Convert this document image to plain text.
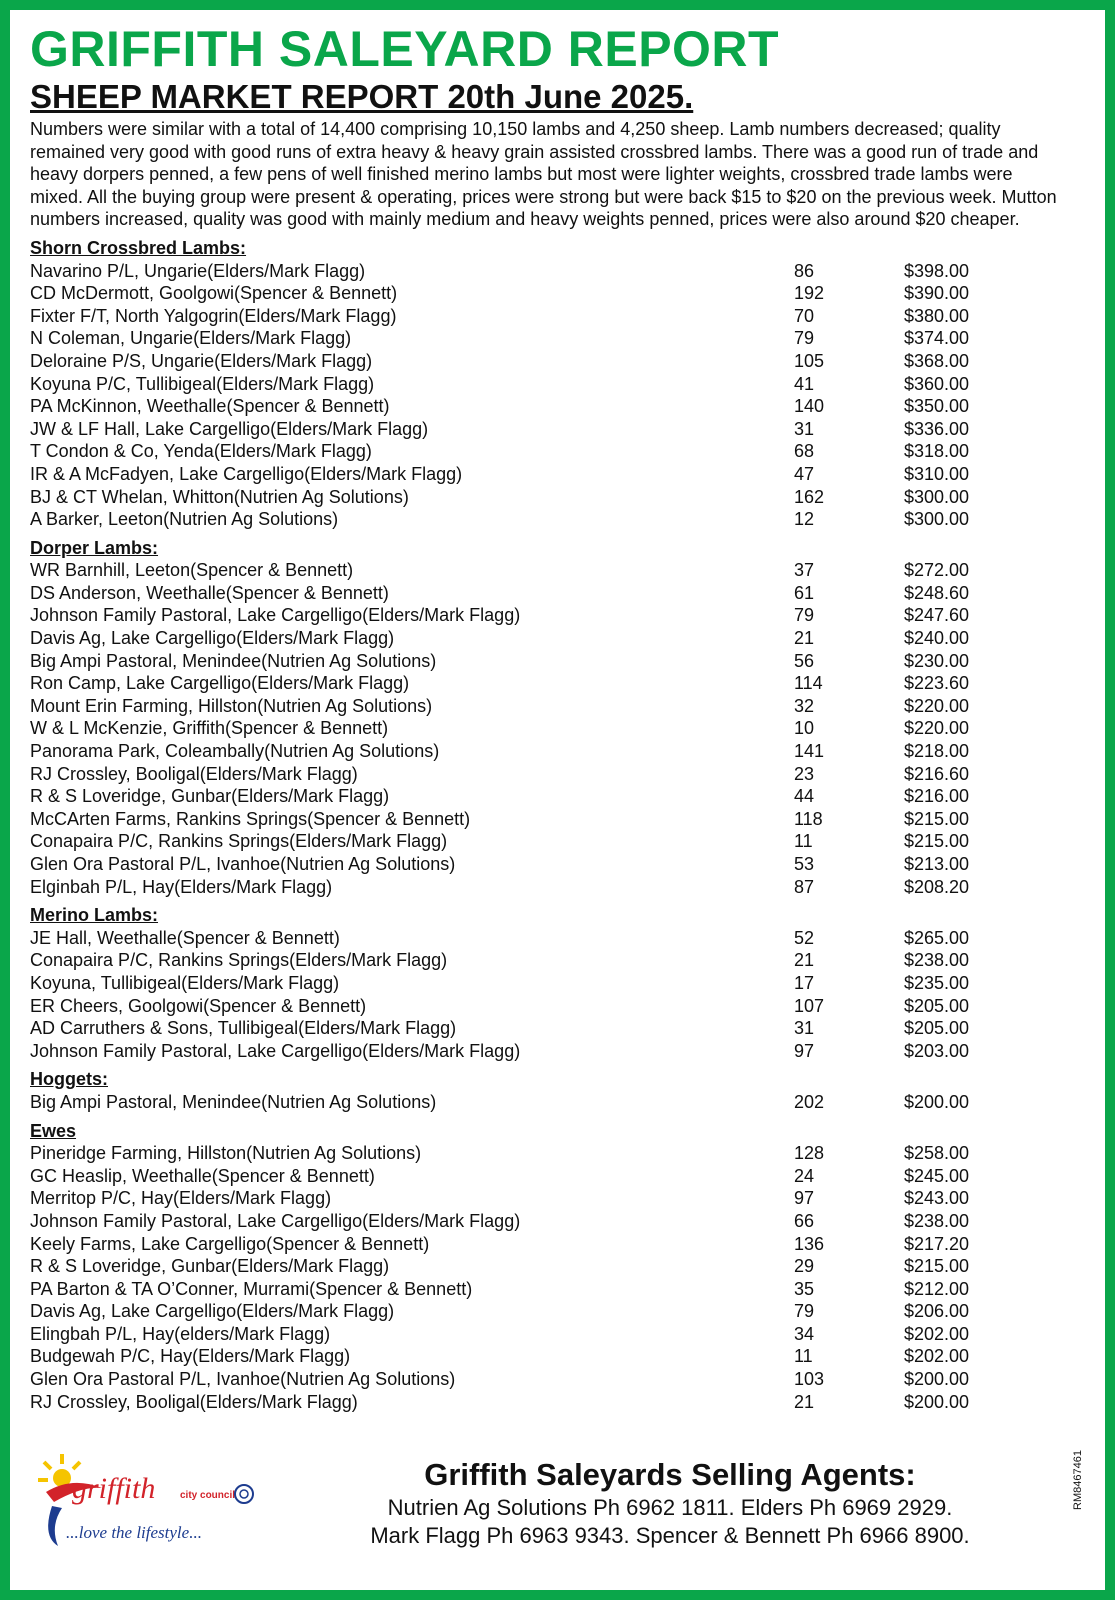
GRIFFITH SALEYARD REPORT
SHEEP MARKET REPORT 20th June 2025.

Numbers were similar with a total of 14,400 comprising 10,150 lambs and 4,250 sheep. Lamb numbers decreased; quality remained very good with good runs of extra heavy & heavy grain assisted crossbred lambs. There was a good run of trade and heavy dorpers penned, a few pens of well finished merino lambs but most were lighter weights, crossbred trade lambs were mixed. All the buying group were present & operating, prices were strong but were back $15 to $20 on the previous week. Mutton numbers increased, quality was good with mainly medium and heavy weights penned, prices were also around $20 cheaper.

Shorn Crossbred Lambs:
Navarino P/L, Ungarie(Elders/Mark Flagg)	86	$398.00
CD McDermott, Goolgowi(Spencer & Bennett)	192	$390.00
Fixter F/T, North Yalgogrin(Elders/Mark Flagg)	70	$380.00
N Coleman, Ungarie(Elders/Mark Flagg)	79	$374.00
Deloraine P/S, Ungarie(Elders/Mark Flagg)	105	$368.00
Koyuna P/C, Tullibigeal(Elders/Mark Flagg)	41	$360.00
PA McKinnon, Weethalle(Spencer & Bennett)	140	$350.00
JW & LF Hall, Lake Cargelligo(Elders/Mark Flagg)	31	$336.00
T Condon & Co, Yenda(Elders/Mark Flagg)	68	$318.00
IR & A McFadyen, Lake Cargelligo(Elders/Mark Flagg)	47	$310.00
BJ & CT Whelan, Whitton(Nutrien Ag Solutions)	162	$300.00
A Barker, Leeton(Nutrien Ag Solutions)	12	$300.00
Dorper Lambs:
WR Barnhill, Leeton(Spencer & Bennett)	37	$272.00
DS Anderson, Weethalle(Spencer & Bennett)	61	$248.60
Johnson Family Pastoral, Lake Cargelligo(Elders/Mark Flagg)	79	$247.60
Davis Ag, Lake Cargelligo(Elders/Mark Flagg)	21	$240.00
Big Ampi Pastoral, Menindee(Nutrien Ag Solutions)	56	$230.00
Ron Camp, Lake Cargelligo(Elders/Mark Flagg)	114	$223.60
Mount Erin Farming, Hillston(Nutrien Ag Solutions)	32	$220.00
W & L McKenzie, Griffith(Spencer & Bennett)	10	$220.00
Panorama Park, Coleambally(Nutrien Ag Solutions)	141	$218.00
RJ Crossley, Booligal(Elders/Mark Flagg)	23	$216.60
R & S Loveridge, Gunbar(Elders/Mark Flagg)	44	$216.00
McCArten Farms, Rankins Springs(Spencer & Bennett)	118	$215.00
Conapaira P/C, Rankins Springs(Elders/Mark Flagg)	11	$215.00
Glen Ora Pastoral P/L, Ivanhoe(Nutrien Ag Solutions)	53	$213.00
Elginbah P/L, Hay(Elders/Mark Flagg)	87	$208.20
Merino Lambs:
JE Hall, Weethalle(Spencer & Bennett)	52	$265.00
Conapaira P/C, Rankins Springs(Elders/Mark Flagg)	21	$238.00
Koyuna, Tullibigeal(Elders/Mark Flagg)	17	$235.00
ER Cheers, Goolgowi(Spencer & Bennett)	107	$205.00
AD Carruthers & Sons, Tullibigeal(Elders/Mark Flagg)	31	$205.00
Johnson Family Pastoral, Lake Cargelligo(Elders/Mark Flagg)	97	$203.00
Hoggets:
Big Ampi Pastoral, Menindee(Nutrien Ag Solutions)	202	$200.00
Ewes
Pineridge Farming, Hillston(Nutrien Ag Solutions)	128	$258.00
GC Heaslip, Weethalle(Spencer & Bennett)	24	$245.00
Merritop P/C, Hay(Elders/Mark Flagg)	97	$243.00
Johnson Family Pastoral, Lake Cargelligo(Elders/Mark Flagg)	66	$238.00
Keely Farms, Lake Cargelligo(Spencer & Bennett)	136	$217.20
R & S Loveridge, Gunbar(Elders/Mark Flagg)	29	$215.00
PA Barton & TA O’Conner, Murrami(Spencer & Bennett)	35	$212.00
Davis Ag, Lake Cargelligo(Elders/Mark Flagg)	79	$206.00
Elingbah P/L, Hay(elders/Mark Flagg)	34	$202.00
Budgewah P/C, Hay(Elders/Mark Flagg)	11	$202.00
Glen Ora Pastoral P/L, Ivanhoe(Nutrien Ag Solutions)	103	$200.00
RJ Crossley, Booligal(Elders/Mark Flagg)	21	$200.00
griffith city council
...love the lifestyle...
Griffith Saleyards Selling Agents:
Nutrien Ag Solutions Ph 6962 1811. Elders Ph 6969 2929.
Mark Flagg Ph 6963 9343. Spencer & Bennett Ph 6966 8900.
RM8467461
